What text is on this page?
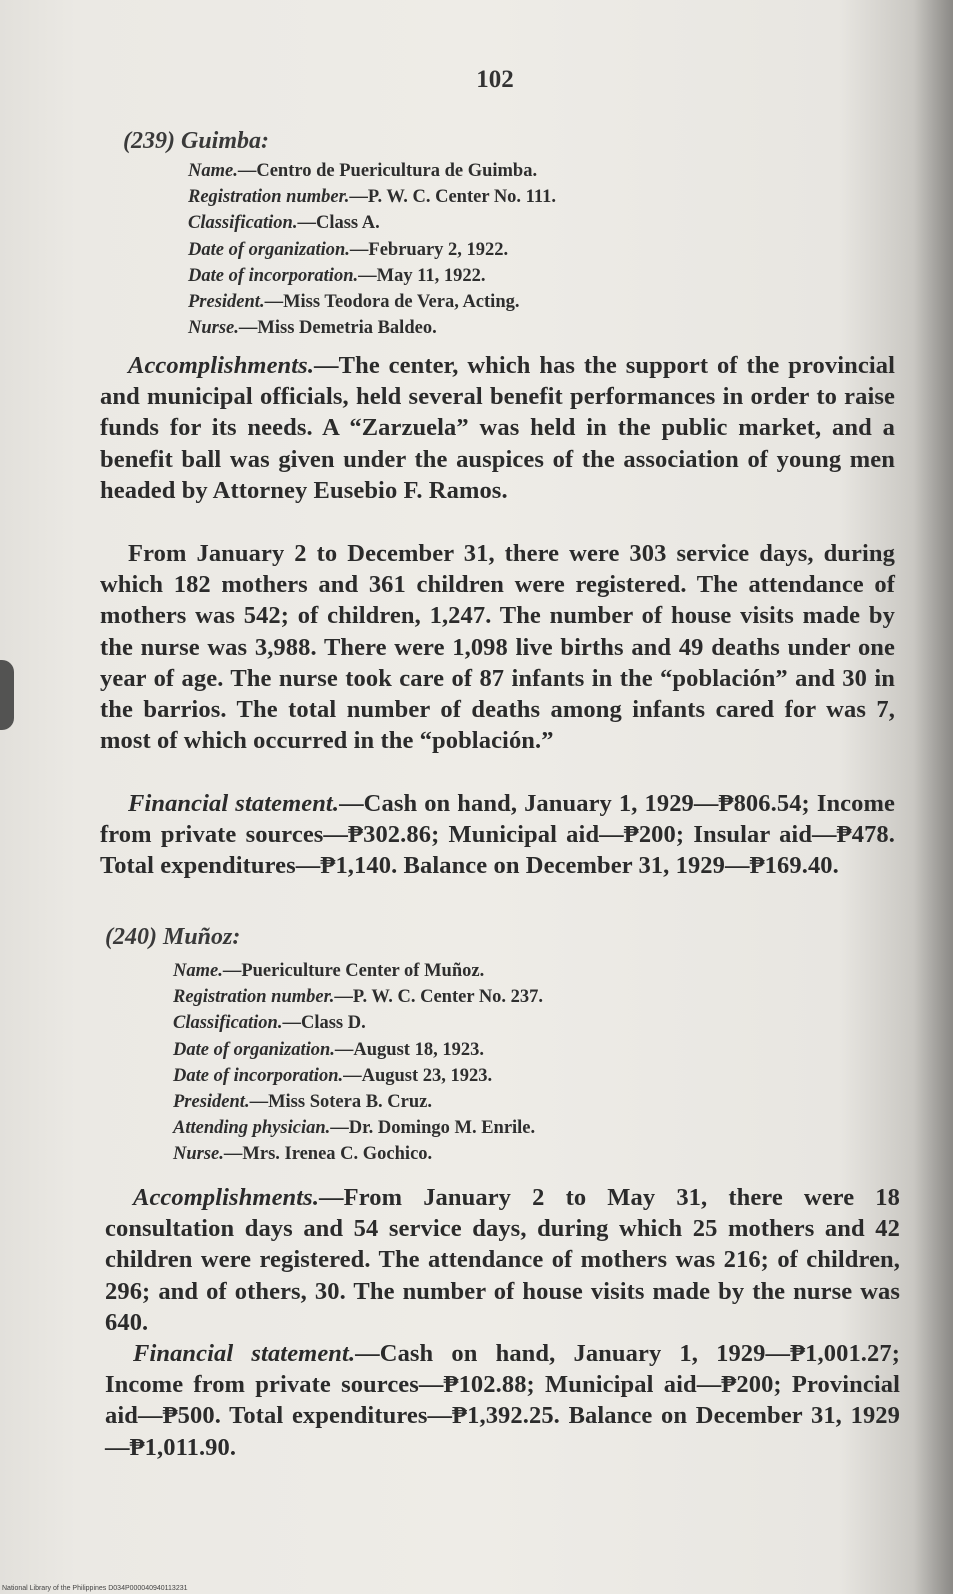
102
(239) Guimba:
Name.—Centro de Puericultura de Guimba.
Registration number.—P. W. C. Center No. 111.
Classification.—Class A.
Date of organization.—February 2, 1922.
Date of incorporation.—May 11, 1922.
President.—Miss Teodora de Vera, Acting.
Nurse.—Miss Demetria Baldeo.
Accomplishments.—The center, which has the support of the provincial and municipal officials, held several benefit performances in order to raise funds for its needs. A “Zarzuela” was held in the public market, and a benefit ball was given under the auspices of the association of young men headed by Attorney Eusebio F. Ramos.
From January 2 to December 31, there were 303 service days, during which 182 mothers and 361 children were registered. The attendance of mothers was 542; of children, 1,247. The number of house visits made by the nurse was 3,988. There were 1,098 live births and 49 deaths under one year of age. The nurse took care of 87 infants in the “población” and 30 in the barrios. The total number of deaths among infants cared for was 7, most of which occurred in the “población.”
Financial statement.—Cash on hand, January 1, 1929—₱806.54; Income from private sources—₱302.86; Municipal aid—₱200; Insular aid—₱478. Total expenditures—₱1,140. Balance on December 31, 1929—₱169.40.
(240) Muñoz:
Name.—Puericulture Center of Muñoz.
Registration number.—P. W. C. Center No. 237.
Classification.—Class D.
Date of organization.—August 18, 1923.
Date of incorporation.—August 23, 1923.
President.—Miss Sotera B. Cruz.
Attending physician.—Dr. Domingo M. Enrile.
Nurse.—Mrs. Irenea C. Gochico.
Accomplishments.—From January 2 to May 31, there were 18 consultation days and 54 service days, during which 25 mothers and 42 children were registered. The attendance of mothers was 216; of children, 296; and of others, 30. The number of house visits made by the nurse was 640.
Financial statement.—Cash on hand, January 1, 1929—₱1,001.27; Income from private sources—₱102.88; Municipal aid—₱200; Provincial aid—₱500. Total expenditures—₱1,392.25. Balance on December 31, 1929—₱1,011.90.
National Library of the Philippines D034P000040940113231
